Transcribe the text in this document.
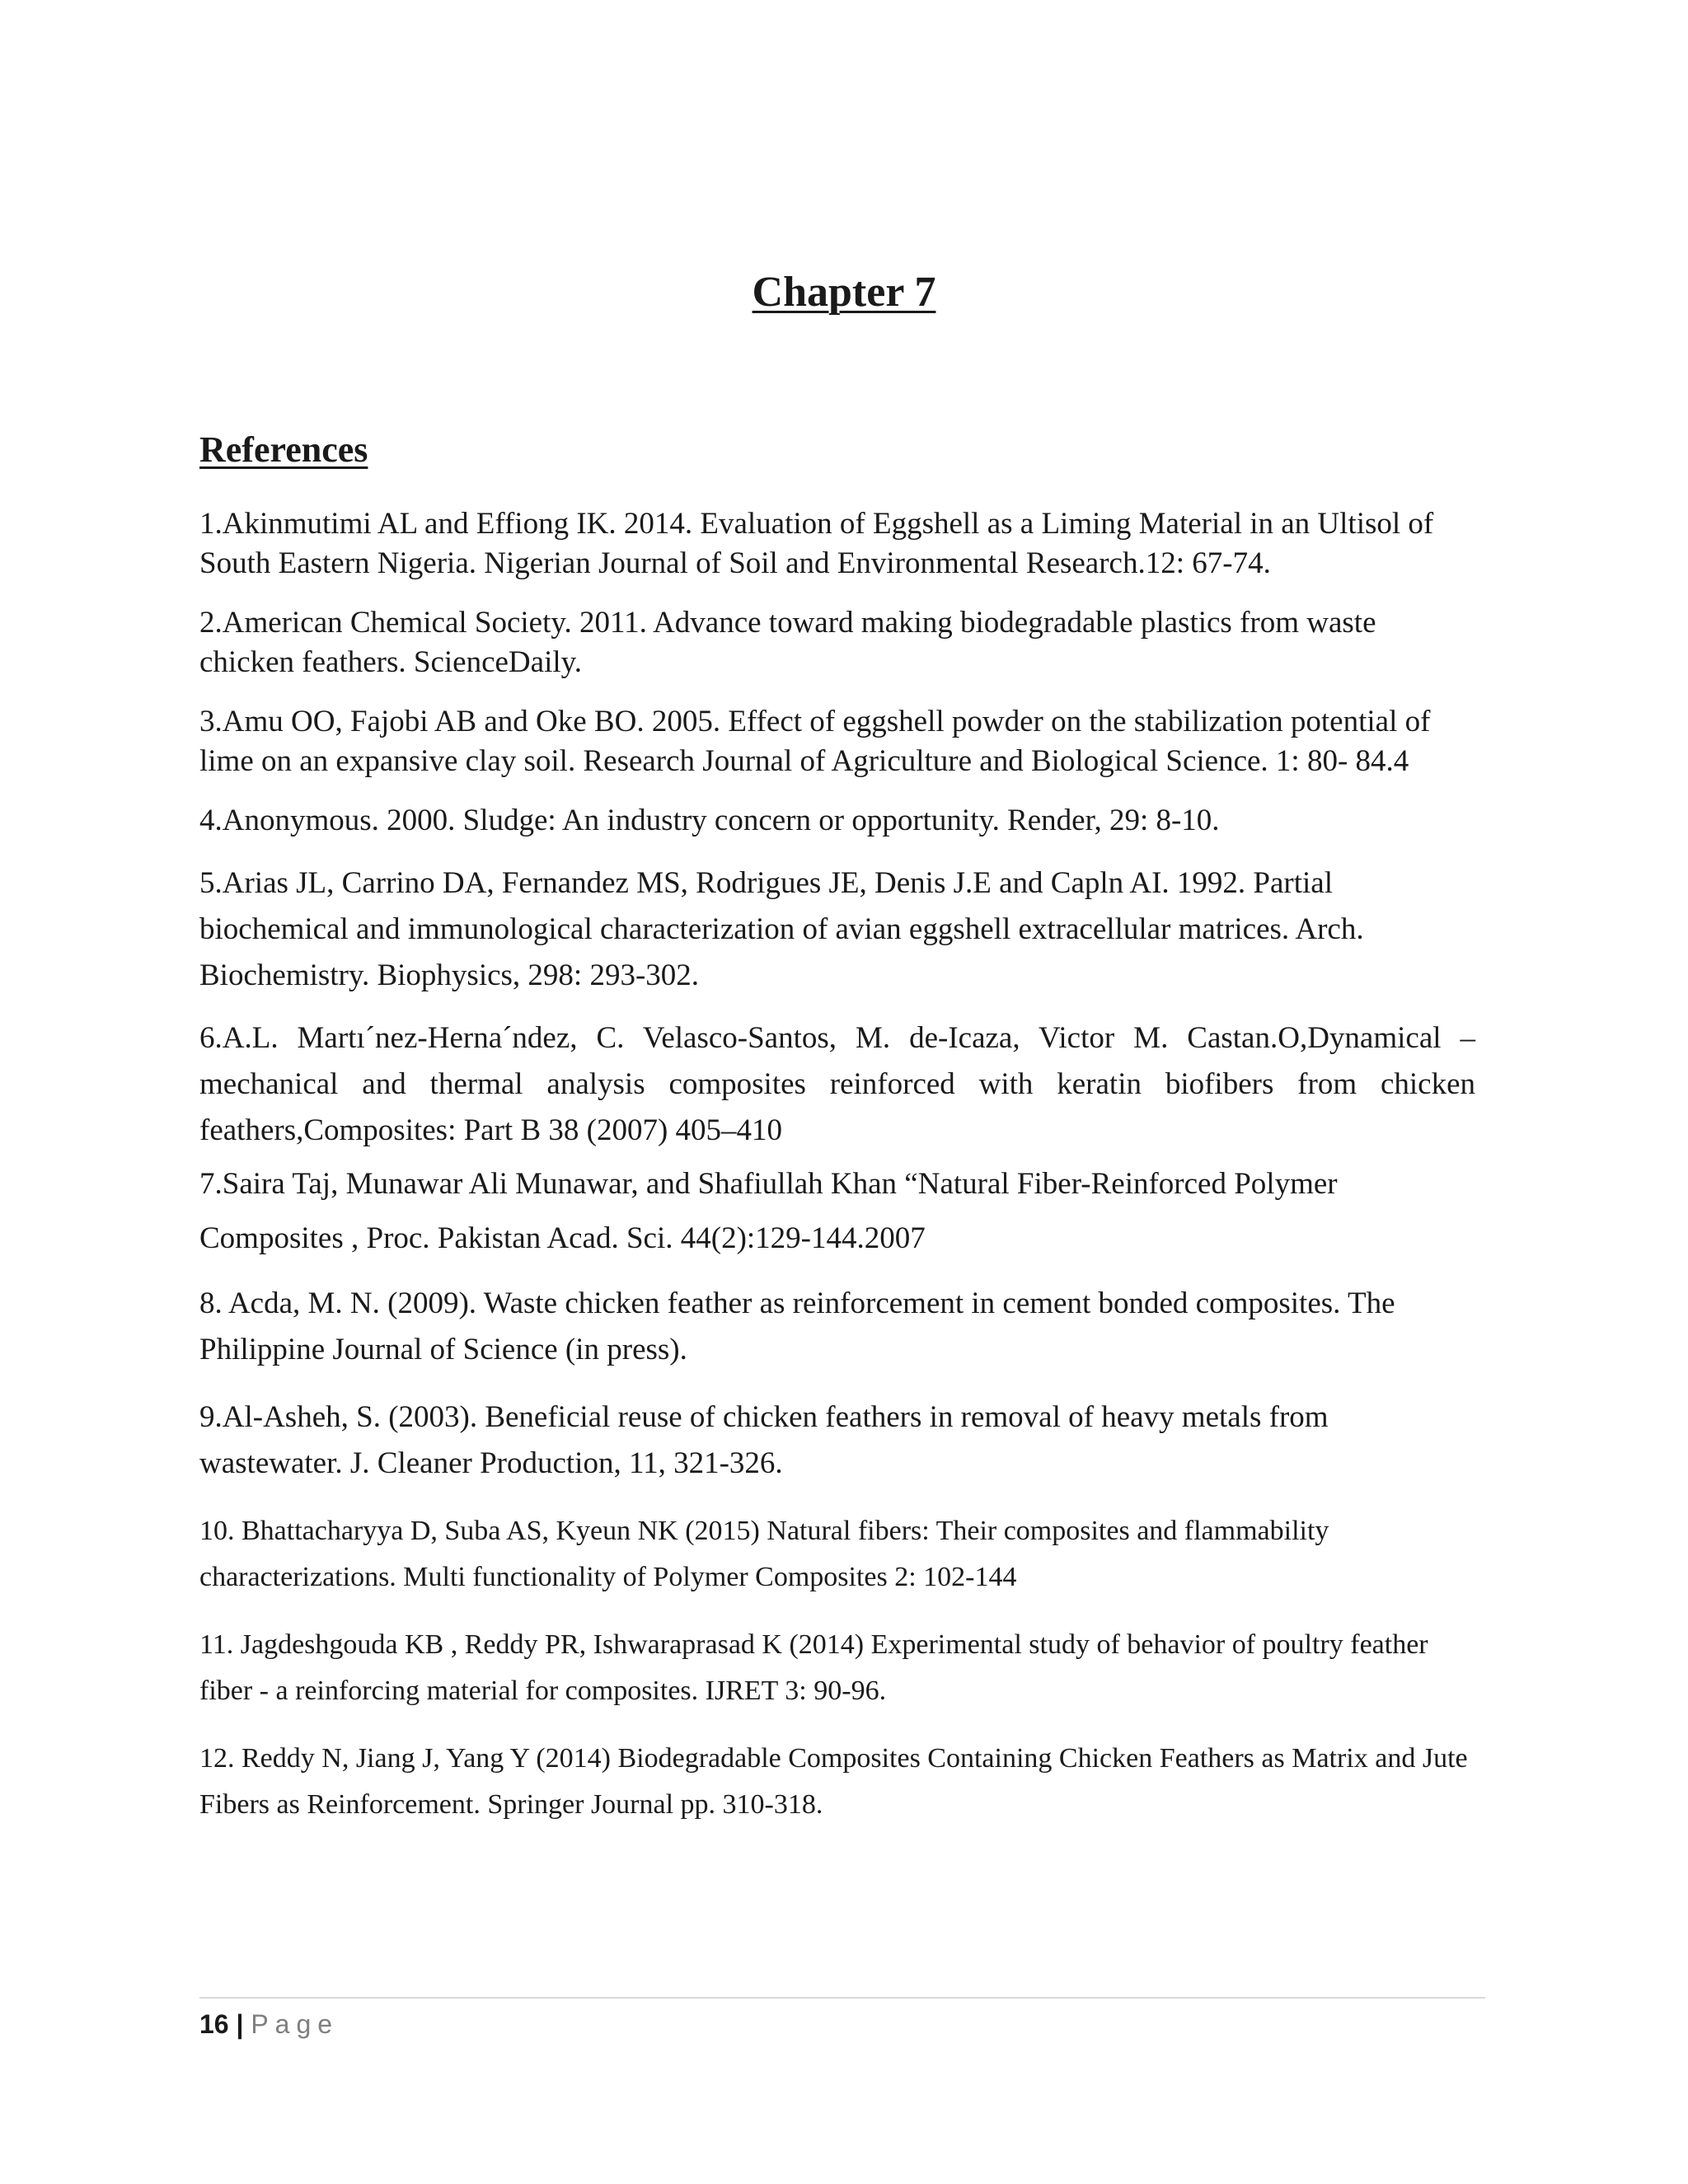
Chapter 7
References

1.Akinmutimi AL and Effiong IK. 2014. Evaluation of Eggshell as a Liming Material in an Ultisol of South Eastern Nigeria. Nigerian Journal of Soil and Environmental Research.12: 67-74.

2.American Chemical Society. 2011. Advance toward making biodegradable plastics from waste chicken feathers. ScienceDaily.

3.Amu OO, Fajobi AB and Oke BO. 2005. Effect of eggshell powder on the stabilization potential of lime on an expansive clay soil. Research Journal of Agriculture and Biological Science. 1: 80- 84.4

4.Anonymous. 2000. Sludge: An industry concern or opportunity. Render, 29: 8-10.

5.Arias JL, Carrino DA, Fernandez MS, Rodrigues JE, Denis J.E and Capln AI. 1992. Partial biochemical and immunological characterization of avian eggshell extracellular matrices. Arch. Biochemistry. Biophysics, 298: 293-302.

6.A.L. Martı´nez-Herna´ndez, C. Velasco-Santos, M. de-Icaza, Victor M. Castan.O,Dynamical – mechanical and thermal analysis composites reinforced with keratin biofibers from chicken feathers,Composites: Part B 38 (2007) 405–410

7.Saira Taj, Munawar Ali Munawar, and Shafiullah Khan “Natural Fiber-Reinforced Polymer Composites , Proc. Pakistan Acad. Sci. 44(2):129-144.2007

8. Acda, M. N. (2009). Waste chicken feather as reinforcement in cement bonded composites. The Philippine Journal of Science (in press).

9.Al-Asheh, S. (2003). Beneficial reuse of chicken feathers in removal of heavy metals from wastewater. J. Cleaner Production, 11, 321-326.

10. Bhattacharyya D, Suba AS, Kyeun NK (2015) Natural fibers: Their composites and flammability characterizations. Multi functionality of Polymer Composites 2: 102-144

11. Jagdeshgouda KB , Reddy PR, Ishwaraprasad K (2014) Experimental study of behavior of poultry feather fiber - a reinforcing material for composites. IJRET 3: 90-96.

12. Reddy N, Jiang J, Yang Y (2014) Biodegradable Composites Containing Chicken Feathers as Matrix and Jute Fibers as Reinforcement. Springer Journal pp. 310-318.

16 | Page
